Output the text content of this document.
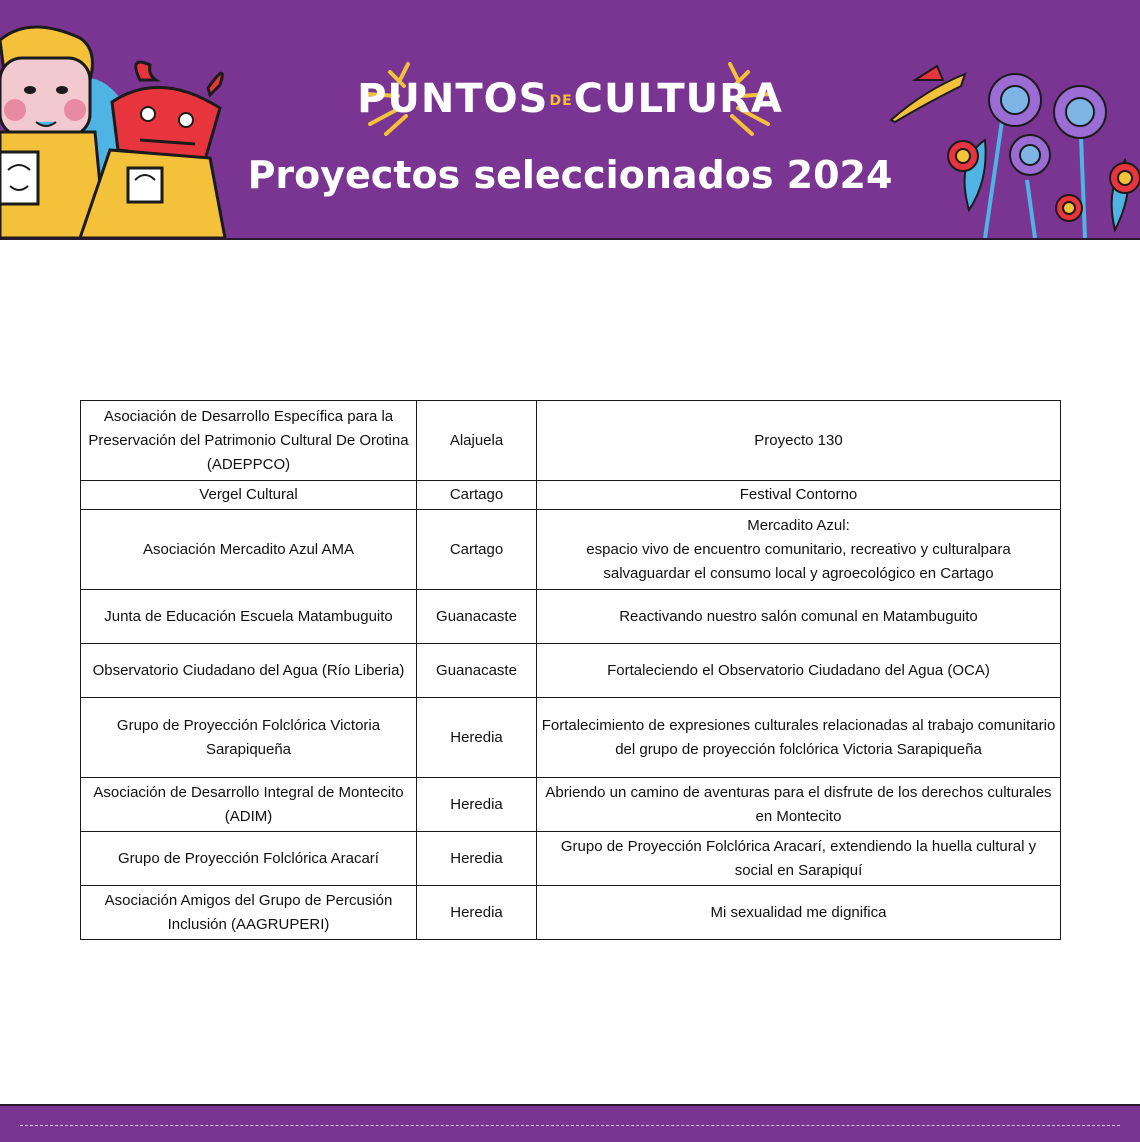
PUNTOSDECULTURA
Proyectos seleccionados 2024
Asociación de Desarrollo Específica para la Preservación del Patrimonio Cultural De Orotina (ADEPPCO)	Alajuela	Proyecto 130

Vergel Cultural	Cartago	Festival Contorno

Asociación Mercadito Azul AMA	Cartago	Mercadito Azul:
espacio vivo de encuentro comunitario, recreativo y culturalpara
salvaguardar el consumo local y agroecológico en Cartago

Junta de Educación Escuela Matambuguito	Guanacaste	Reactivando nuestro salón comunal en Matambuguito

Observatorio Ciudadano del Agua (Río Liberia)	Guanacaste	Fortaleciendo el Observatorio Ciudadano del Agua (OCA)

Grupo de Proyección Folclórica Victoria Sarapiqueña	Heredia	Fortalecimiento de expresiones culturales relacionadas al trabajo comunitario del grupo de proyección folclórica Victoria Sarapiqueña

Asociación de Desarrollo Integral de Montecito (ADIM)	Heredia	Abriendo un camino de aventuras para el disfrute de los derechos culturales en Montecito

Grupo de Proyección Folclórica Aracarí	Heredia	Grupo de Proyección Folclórica Aracarí, extendiendo la huella cultural y social en Sarapiquí

Asociación Amigos del Grupo de Percusión Inclusión (AAGRUPERI)	Heredia	Mi sexualidad me dignifica
